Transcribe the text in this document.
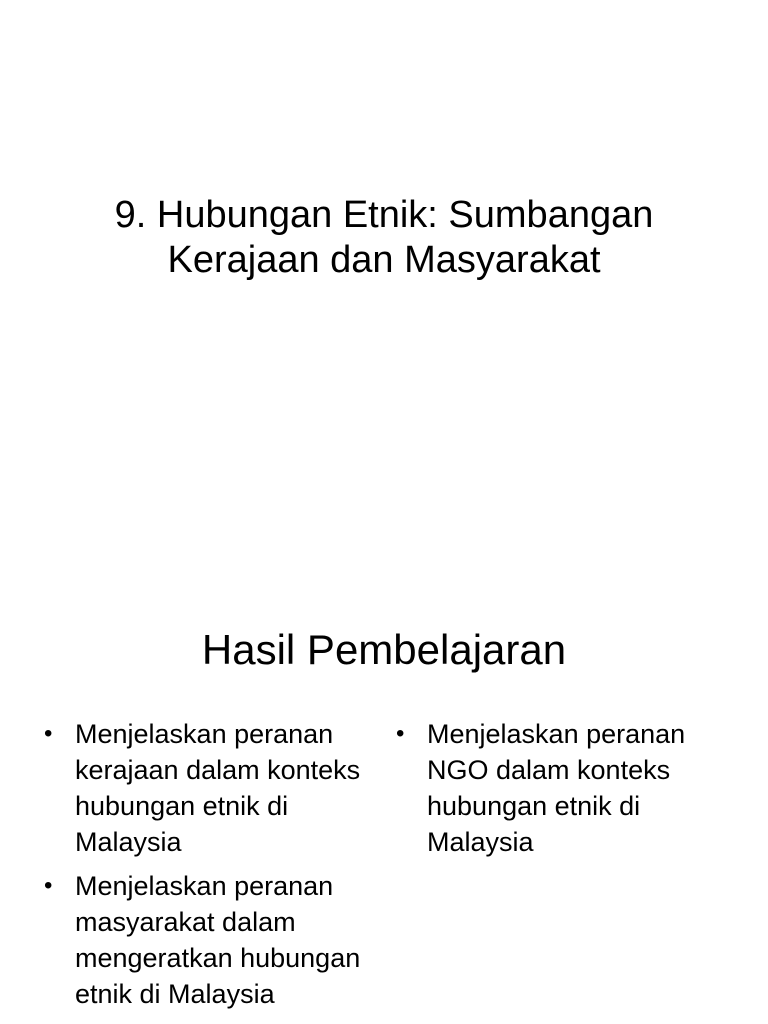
9. Hubungan Etnik: Sumbangan
Kerajaan dan Masyarakat
Hasil Pembelajaran
• Menjelaskan peranan kerajaan dalam konteks hubungan etnik di Malaysia
• Menjelaskan peranan masyarakat dalam mengeratkan hubungan etnik di Malaysia
• Menjelaskan peranan NGO dalam konteks hubungan etnik di Malaysia
